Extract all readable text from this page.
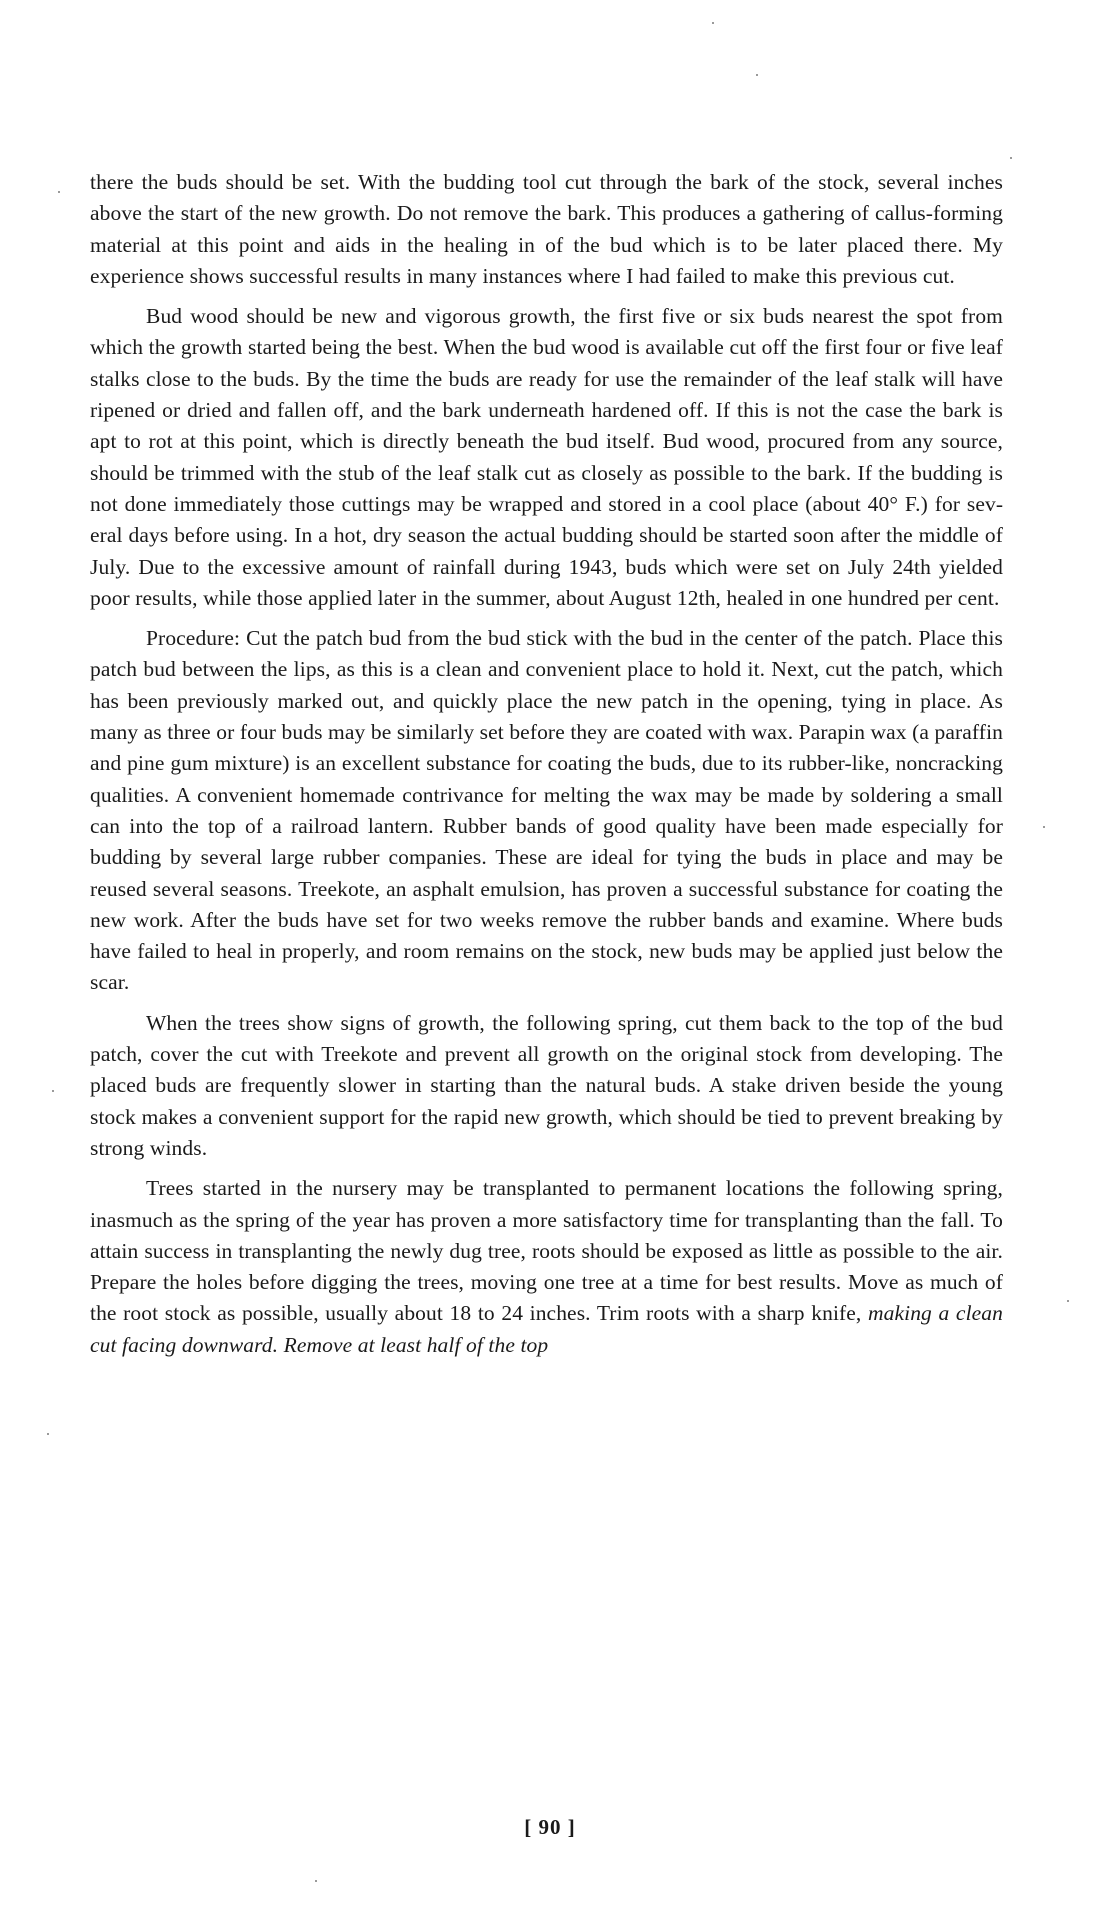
there the buds should be set. With the budding tool cut through the bark of the stock, several inches above the start of the new growth. Do not remove the bark. This produces a gathering of callus-forming material at this point and aids in the healing in of the bud which is to be later placed there. My experience shows successful results in many instances where I had failed to make this previous cut.

Bud wood should be new and vigorous growth, the first five or six buds nearest the spot from which the growth started being the best. When the bud wood is available cut off the first four or five leaf stalks close to the buds. By the time the buds are ready for use the remainder of the leaf stalk will have ripened or dried and fallen off, and the bark underneath hardened off. If this is not the case the bark is apt to rot at this point, which is directly beneath the bud itself. Bud wood, procured from any source, should be trimmed with the stub of the leaf stalk cut as closely as possible to the bark. If the budding is not done immediately those cuttings may be wrapped and stored in a cool place (about 40° F.) for several days before using. In a hot, dry season the actual budding should be started soon after the middle of July. Due to the excessive amount of rainfall during 1943, buds which were set on July 24th yielded poor results, while those applied later in the summer, about August 12th, healed in one hundred per cent.

Procedure: Cut the patch bud from the bud stick with the bud in the center of the patch. Place this patch bud between the lips, as this is a clean and convenient place to hold it. Next, cut the patch, which has been previously marked out, and quickly place the new patch in the opening, tying in place. As many as three or four buds may be similarly set before they are coated with wax. Parapin wax (a paraffin and pine gum mixture) is an excellent substance for coating the buds, due to its rubber-like, noncracking qualities. A convenient homemade contrivance for melting the wax may be made by soldering a small can into the top of a railroad lantern. Rubber bands of good quality have been made especially for budding by several large rubber companies. These are ideal for tying the buds in place and may be reused several seasons. Treekote, an asphalt emulsion, has proven a successful substance for coating the new work. After the buds have set for two weeks remove the rubber bands and examine. Where buds have failed to heal in properly, and room remains on the stock, new buds may be applied just below the scar.

When the trees show signs of growth, the following spring, cut them back to the top of the bud patch, cover the cut with Treekote and prevent all growth on the original stock from developing. The placed buds are frequently slower in starting than the natural buds. A stake driven beside the young stock makes a convenient support for the rapid new growth, which should be tied to prevent breaking by strong winds.

Trees started in the nursery may be transplanted to permanent locations the following spring, inasmuch as the spring of the year has proven a more satisfactory time for transplanting than the fall. To attain success in transplanting the newly dug tree, roots should be exposed as little as possible to the air. Prepare the holes before digging the trees, moving one tree at a time for best results. Move as much of the root stock as possible, usually about 18 to 24 inches. Trim roots with a sharp knife, making a clean cut facing downward. Remove at least half of the top

[ 90 ]
